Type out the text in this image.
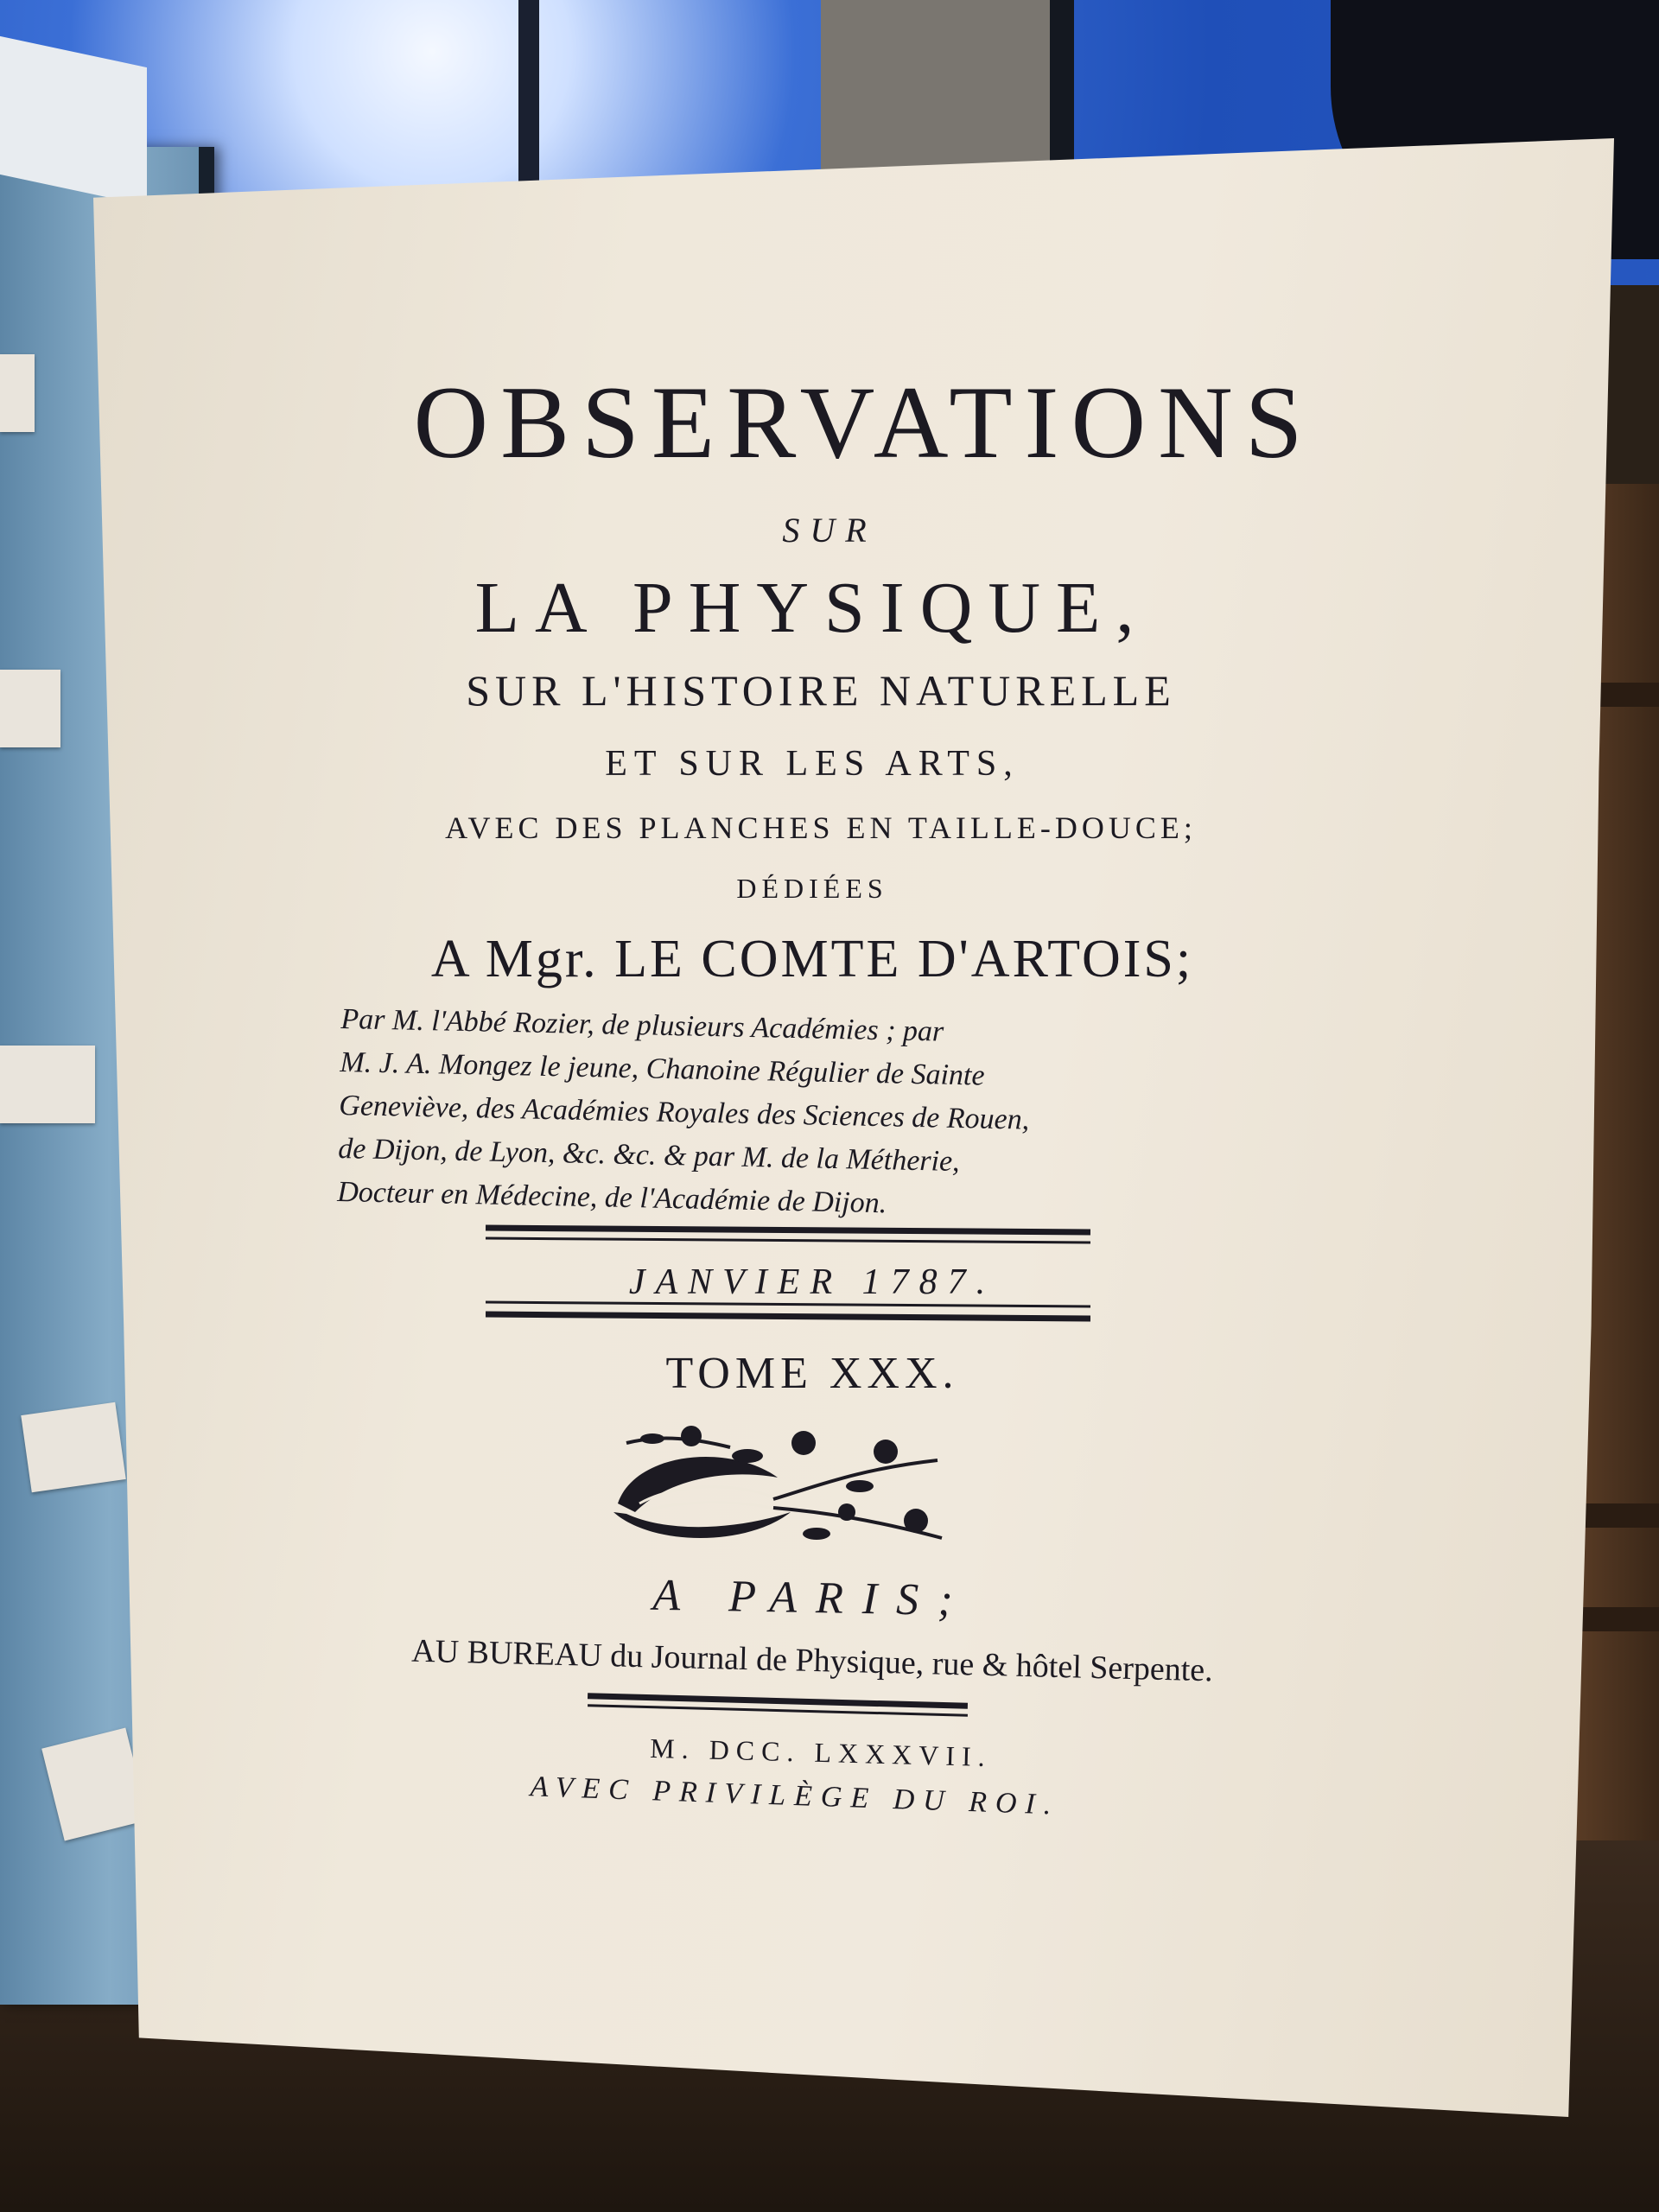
OBSERVATIONS
SUR
LA PHYSIQUE,
SUR L'HISTOIRE NATURELLE
ET SUR LES ARTS,
AVEC DES PLANCHES EN TAILLE-DOUCE;
DÉDIÉES
A Mgr. LE COMTE D'ARTOIS;
Par M. l'Abbé Rozier, de plusieurs Académies ; par
M. J. A. Mongez le jeune, Chanoine Régulier de Sainte
Geneviève, des Académies Royales des Sciences de Rouen,
de Dijon, de Lyon, &c. &c. & par M. de la Métherie,
Docteur en Médecine, de l'Académie de Dijon.
JANVIER 1787.
TOME XXX.
A PARIS;
AU BUREAU du Journal de Physique, rue & hôtel Serpente.
M. DCC. LXXXVII.
AVEC PRIVILÈGE DU ROI.
